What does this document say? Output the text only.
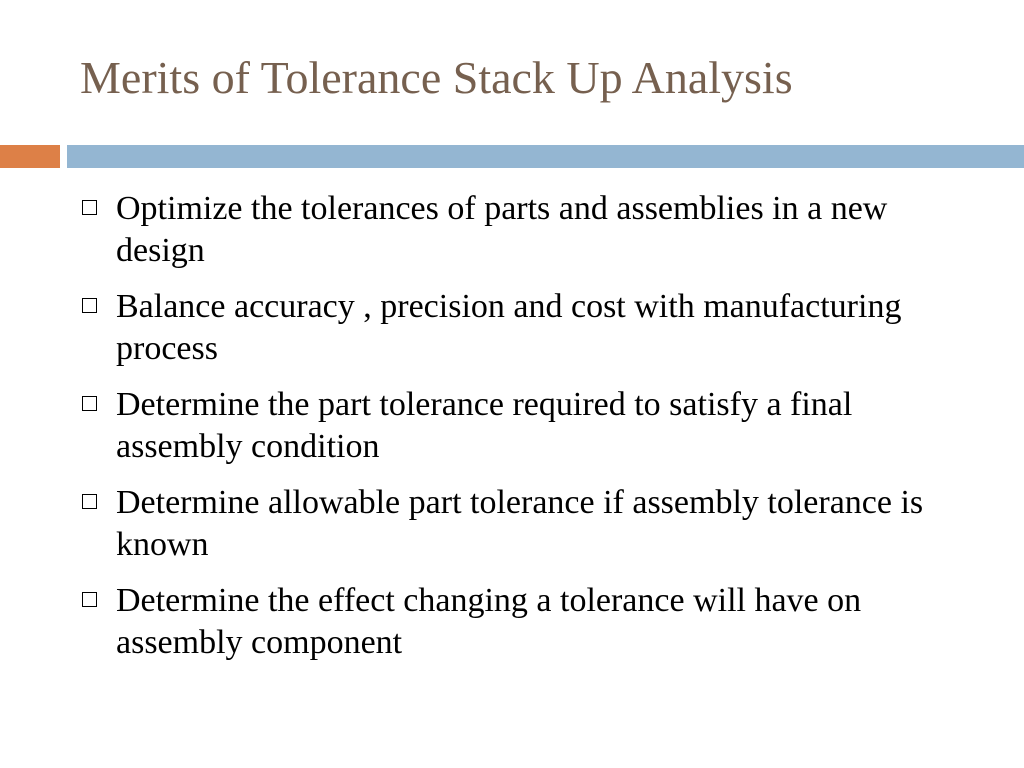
Merits of Tolerance Stack Up Analysis
Optimize the tolerances of parts and assemblies in a new design
Balance accuracy , precision and cost with manufacturing process
Determine the part tolerance required to satisfy a final assembly condition
Determine allowable part tolerance if assembly tolerance is known
Determine the effect changing a tolerance will have on assembly component
